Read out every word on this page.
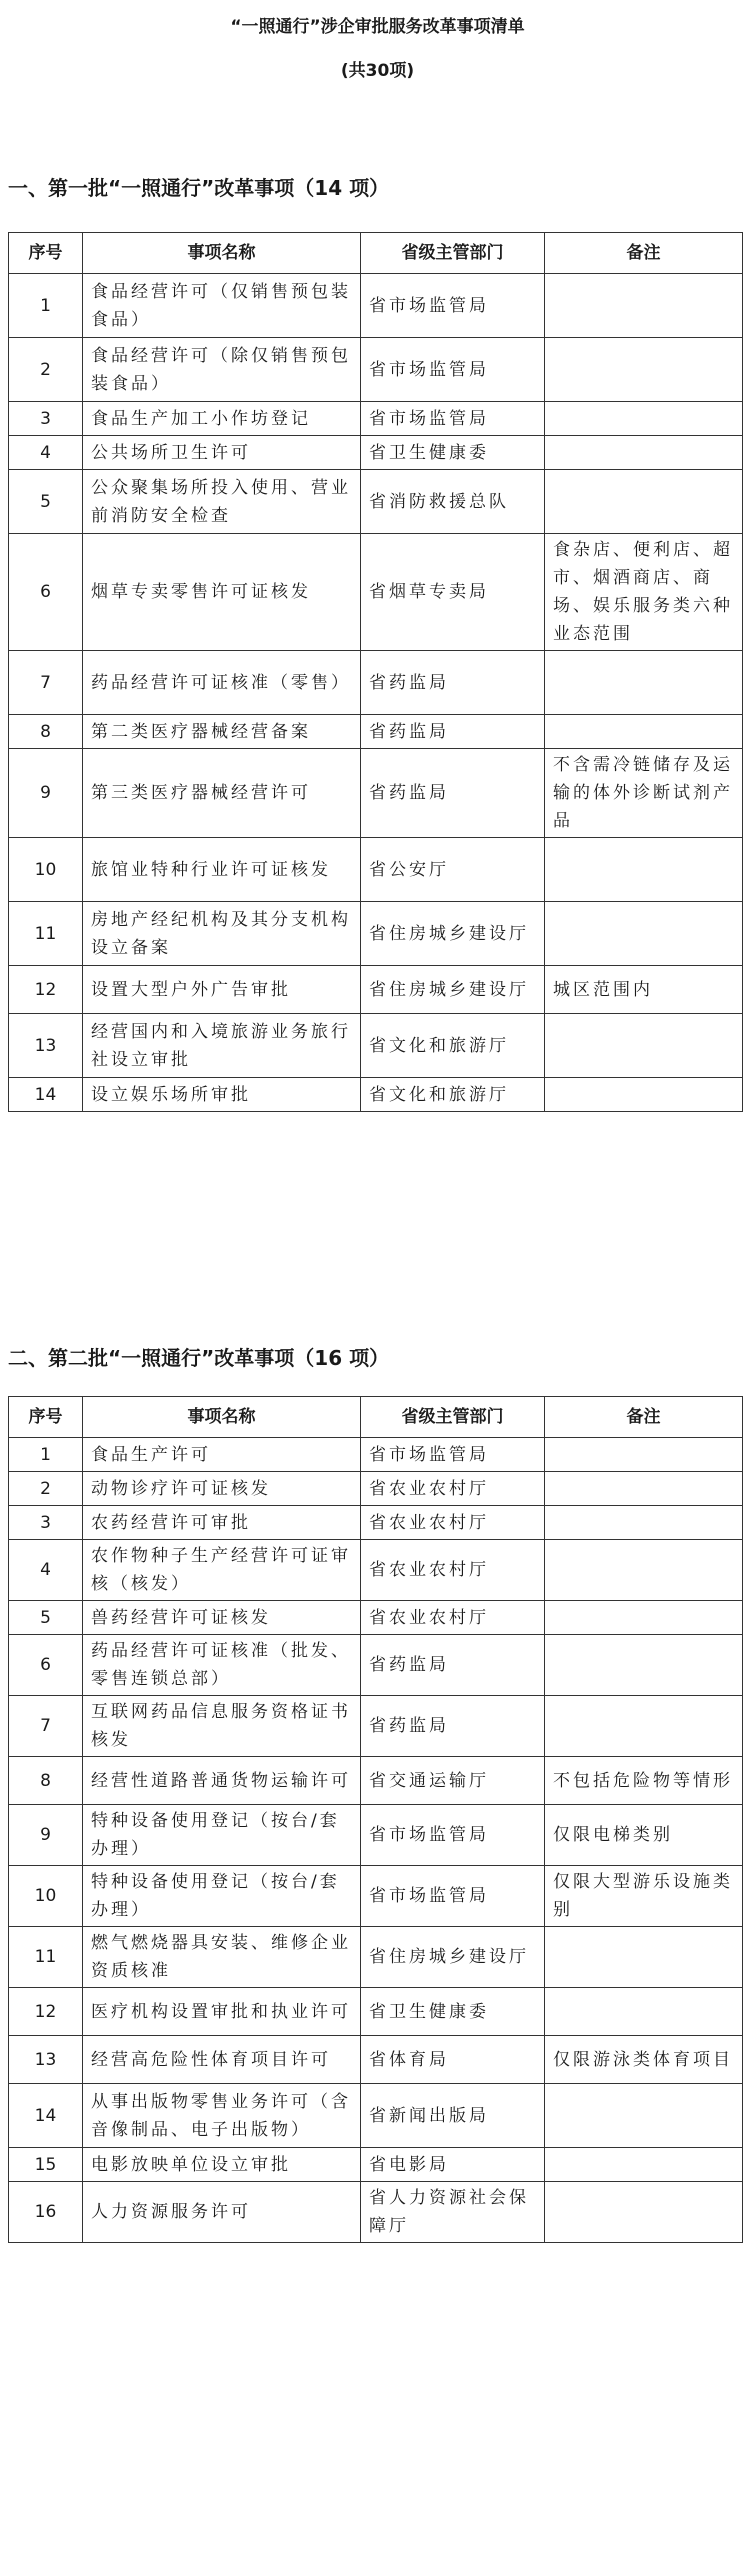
“一照通行”涉企审批服务改革事项清单
(共30项)
一、第一批“一照通行”改革事项（14 项）
序号	事项名称	省级主管部门	备注
1	食品经营许可（仅销售预包装食品）	省市场监管局	
2	食品经营许可（除仅销售预包装食品）	省市场监管局	
3	食品生产加工小作坊登记	省市场监管局	
4	公共场所卫生许可	省卫生健康委	
5	公众聚集场所投入使用、营业前消防安全检查	省消防救援总队	
6	烟草专卖零售许可证核发	省烟草专卖局	食杂店、便利店、超市、烟酒商店、商场、娱乐服务类六种业态范围
7	药品经营许可证核准（零售）	省药监局	
8	第二类医疗器械经营备案	省药监局	
9	第三类医疗器械经营许可	省药监局	不含需冷链储存及运输的体外诊断试剂产品
10	旅馆业特种行业许可证核发	省公安厅	
11	房地产经纪机构及其分支机构设立备案	省住房城乡建设厅	
12	设置大型户外广告审批	省住房城乡建设厅	城区范围内
13	经营国内和入境旅游业务旅行社设立审批	省文化和旅游厅	
14	设立娱乐场所审批	省文化和旅游厅	
二、第二批“一照通行”改革事项（16 项）
序号	事项名称	省级主管部门	备注
1	食品生产许可	省市场监管局	
2	动物诊疗许可证核发	省农业农村厅	
3	农药经营许可审批	省农业农村厅	
4	农作物种子生产经营许可证审核（核发）	省农业农村厅	
5	兽药经营许可证核发	省农业农村厅	
6	药品经营许可证核准（批发、零售连锁总部）	省药监局	
7	互联网药品信息服务资格证书核发	省药监局	
8	经营性道路普通货物运输许可	省交通运输厅	不包括危险物等情形
9	特种设备使用登记（按台/套办理）	省市场监管局	仅限电梯类别
10	特种设备使用登记（按台/套办理）	省市场监管局	仅限大型游乐设施类别
11	燃气燃烧器具安装、维修企业资质核准	省住房城乡建设厅	
12	医疗机构设置审批和执业许可	省卫生健康委	
13	经营高危险性体育项目许可	省体育局	仅限游泳类体育项目
14	从事出版物零售业务许可（含音像制品、电子出版物）	省新闻出版局	
15	电影放映单位设立审批	省电影局	
16	人力资源服务许可	省人力资源社会保障厅	
